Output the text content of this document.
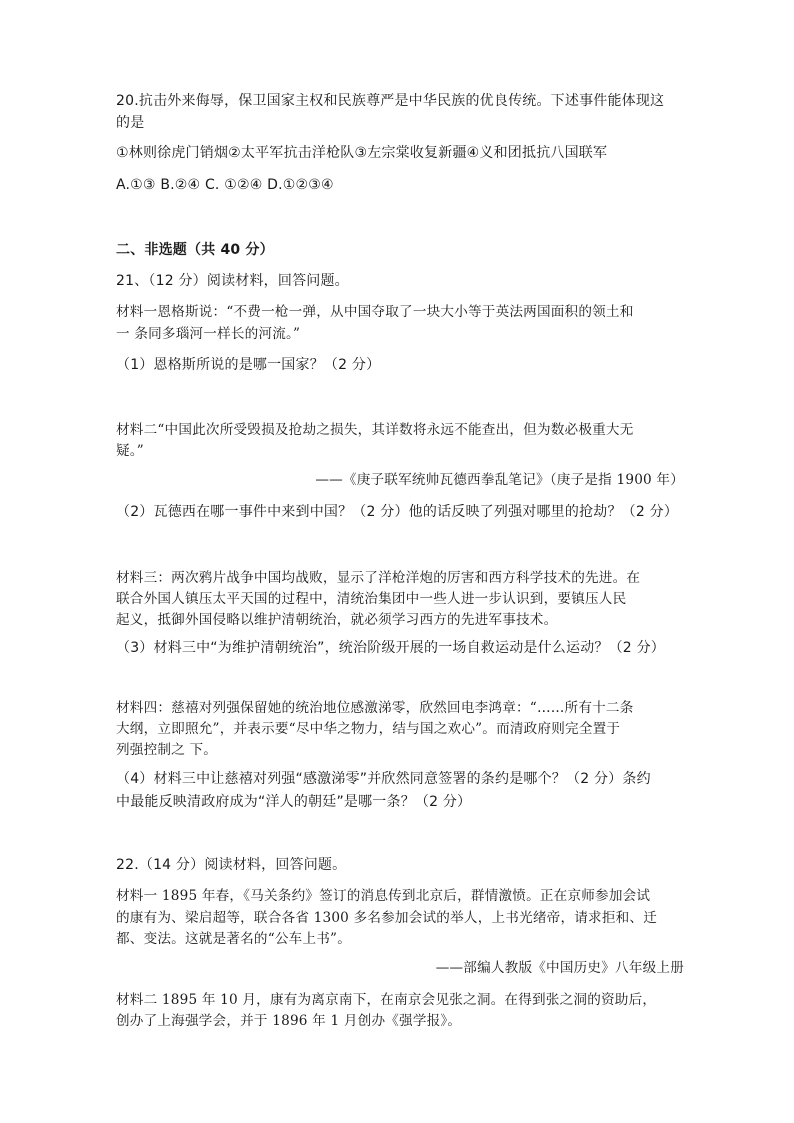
20.抗击外来侮辱，保卫国家主权和民族尊严是中华民族的优良传统。下述事件能体现这
的是
①林则徐虎门销烟②太平军抗击洋枪队③左宗棠收复新疆④义和团抵抗八国联军
A.①③ B.②④ C. ①②④ D.①②③④
二、非选题（共 40 分）
21、（12 分）阅读材料，回答问题。
材料一恩格斯说：“不费一枪一弹，从中国夺取了一块大小等于英法两国面积的领土和
一 条同多瑙河一样长的河流。”
（1）恩格斯所说的是哪一国家？（2 分）
材料二“中国此次所受毁损及抢劫之损失，其详数将永远不能查出，但为数必极重大无
疑。”
——《庚子联军统帅瓦德西拳乱笔记》（庚子是指 1900 年）
（2）瓦德西在哪一事件中来到中国？（2 分）他的话反映了列强对哪里的抢劫？（2 分）
材料三：两次鸦片战争中国均战败，显示了洋枪洋炮的厉害和西方科学技术的先进。在
联合外国人镇压太平天国的过程中，清统治集团中一些人进一步认识到，要镇压人民
起义，抵御外国侵略以维护清朝统治，就必须学习西方的先进军事技术。
（3）材料三中“为维护清朝统治”，统治阶级开展的一场自救运动是什么运动？（2 分）
材料四：慈禧对列强保留她的统治地位感激涕零，欣然回电李鸿章：“……所有十二条
大纲，立即照允”，并表示要“尽中华之物力，结与国之欢心”。而清政府则完全置于
列强控制之 下。
（4）材料三中让慈禧对列强“感激涕零”并欣然同意签署的条约是哪个？（2 分）条约
中最能反映清政府成为“洋人的朝廷”是哪一条？（2 分）
22.（14 分）阅读材料，回答问题。
材料一 1895 年春，《马关条约》签订的消息传到北京后，群情激愤。正在京师参加会试
的康有为、梁启超等，联合各省 1300 多名参加会试的举人，上书光绪帝，请求拒和、迁
都、变法。这就是著名的“公车上书”。
——部编人教版《中国历史》八年级上册
材料二 1895 年 10 月，康有为离京南下，在南京会见张之洞。在得到张之洞的资助后，
创办了上海强学会，并于 1896 年 1 月创办《强学报》。
